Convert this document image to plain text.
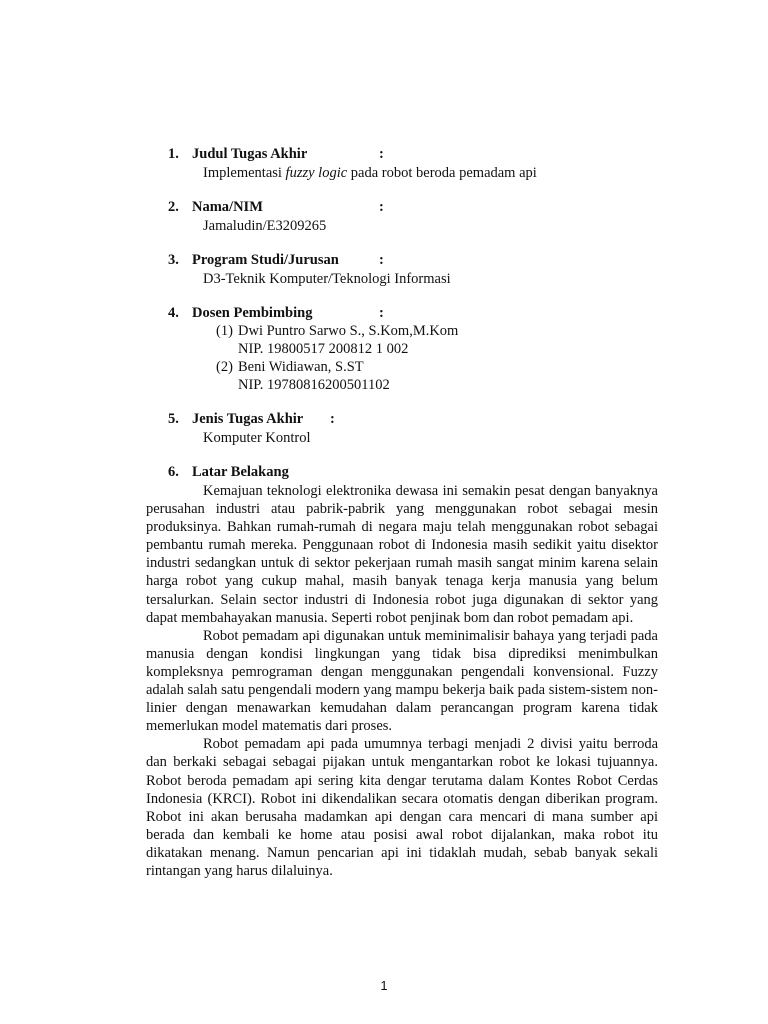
1. Judul Tugas Akhir	:
Implementasi fuzzy logic pada robot beroda pemadam api
2. Nama/NIM	:
Jamaludin/E3209265
3. Program Studi/Jurusan	:
D3-Teknik Komputer/Teknologi Informasi
4. Dosen Pembimbing	:
(1) Dwi Puntro Sarwo S., S.Kom,M.Kom
NIP. 19800517 200812 1 002
(2) Beni Widiawan, S.ST
NIP. 19780816200501102
5. Jenis Tugas Akhir :
Komputer Kontrol
6. Latar Belakang

Kemajuan teknologi elektronika dewasa ini semakin pesat dengan banyaknya perusahan industri atau pabrik-pabrik yang menggunakan robot sebagai mesin produksinya. Bahkan rumah-rumah di negara maju telah menggunakan robot sebagai pembantu rumah mereka. Penggunaan robot di Indonesia masih sedikit yaitu disektor industri sedangkan untuk di sektor pekerjaan rumah masih sangat minim karena selain harga robot yang cukup mahal, masih banyak tenaga kerja manusia yang belum tersalurkan. Selain sector industri di Indonesia robot juga digunakan di sektor yang dapat membahayakan manusia. Seperti robot penjinak bom dan robot pemadam api.

Robot pemadam api digunakan untuk meminimalisir bahaya yang terjadi pada manusia dengan kondisi lingkungan yang tidak bisa diprediksi menimbulkan kompleksnya pemrograman dengan menggunakan pengendali konvensional. Fuzzy adalah salah satu pengendali modern yang mampu bekerja baik pada sistem-sistem non-linier dengan menawarkan kemudahan dalam perancangan program karena tidak memerlukan model matematis dari proses.

Robot pemadam api pada umumnya terbagi menjadi 2 divisi yaitu berroda dan berkaki sebagai sebagai pijakan untuk mengantarkan robot ke lokasi tujuannya. Robot beroda pemadam api sering kita dengar terutama dalam Kontes Robot Cerdas Indonesia (KRCI). Robot ini dikendalikan secara otomatis dengan diberikan program. Robot ini akan berusaha madamkan api dengan cara mencari di mana sumber api berada dan kembali ke home atau posisi awal robot dijalankan, maka robot itu dikatakan menang. Namun pencarian api ini tidaklah mudah, sebab banyak sekali rintangan yang harus dilaluinya.

1
